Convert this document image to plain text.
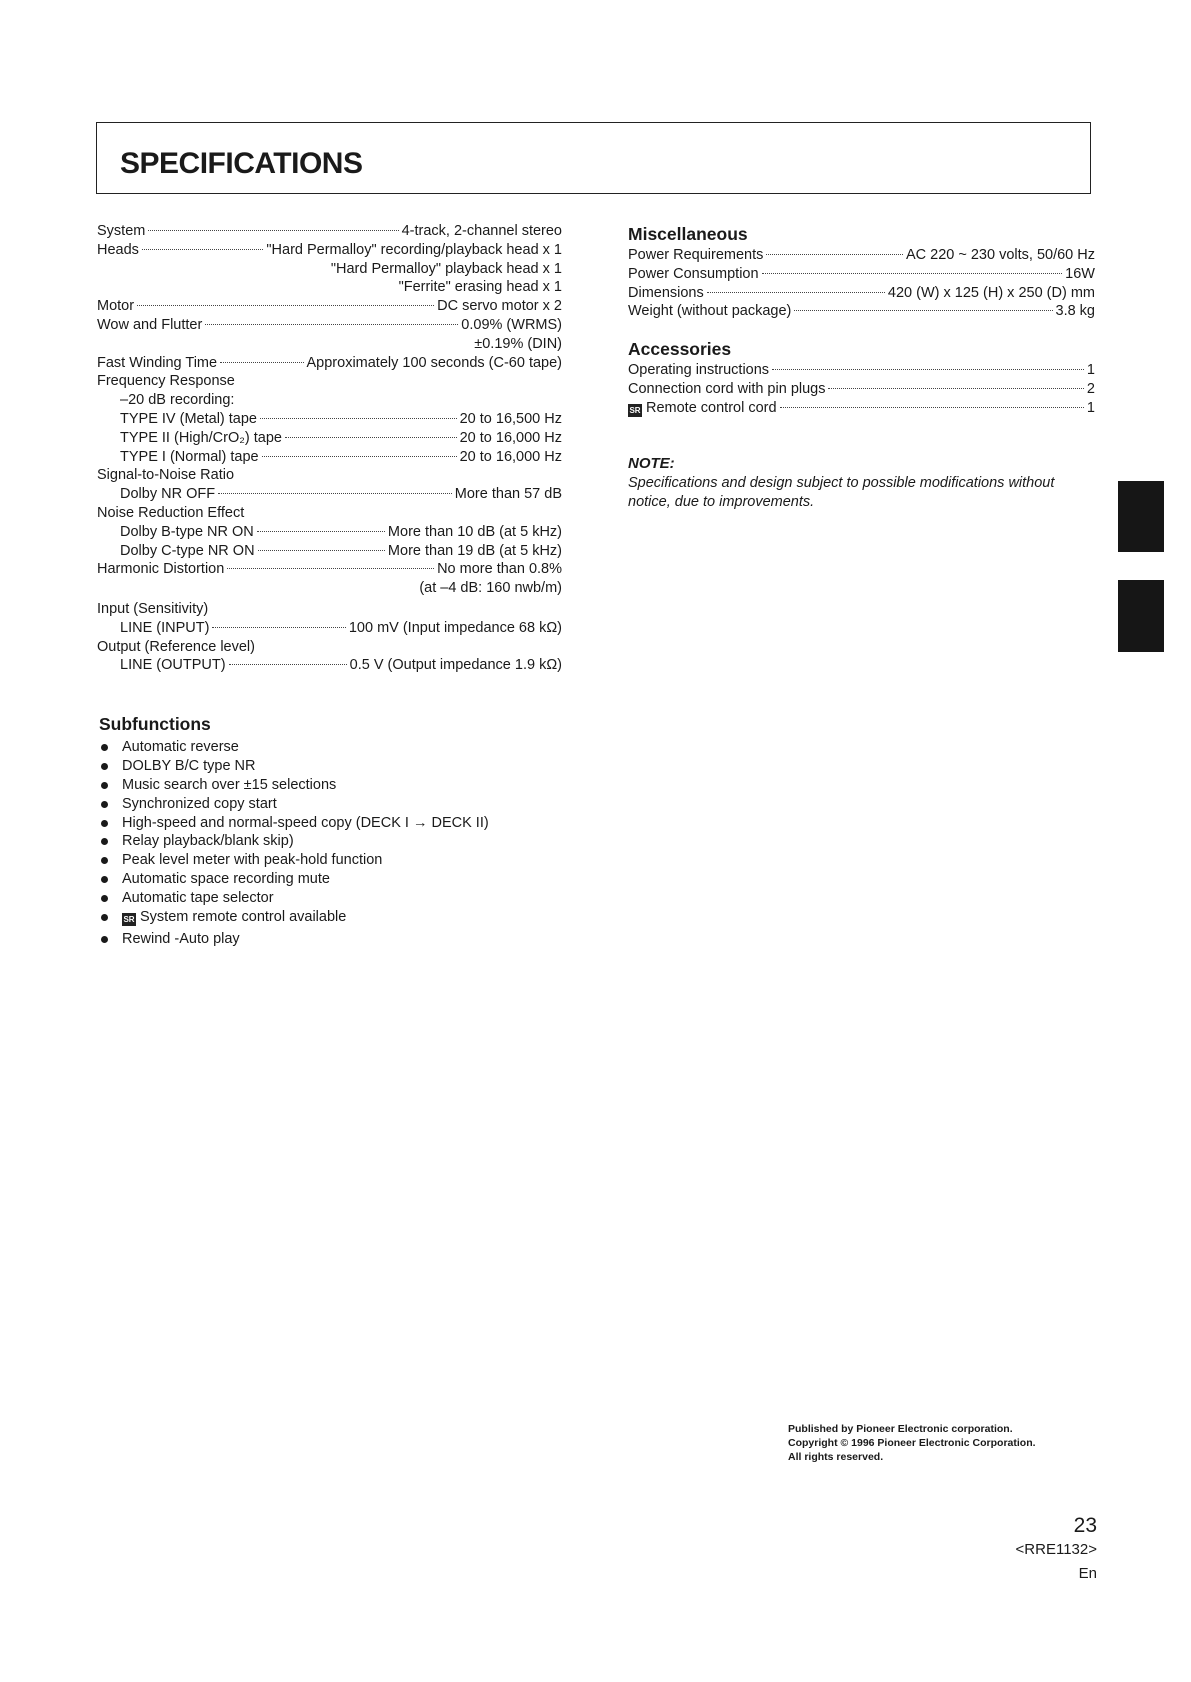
SPECIFICATIONS
System	4-track, 2-channel stereo
Heads	"Hard Permalloy" recording/playback head x 1
"Hard Permalloy" playback head x 1
"Ferrite" erasing head x 1
Motor	DC servo motor x 2
Wow and Flutter	0.09% (WRMS)
±0.19% (DIN)
Fast Winding Time	Approximately 100 seconds (C-60 tape)
Frequency Response
–20 dB recording:
TYPE IV (Metal) tape	20 to 16,500 Hz
TYPE II (High/CrO₂) tape	20 to 16,000 Hz
TYPE I (Normal) tape	20 to 16,000 Hz
Signal-to-Noise Ratio
Dolby NR OFF	More than 57 dB
Noise Reduction Effect
Dolby B-type NR ON	More than 10 dB (at 5 kHz)
Dolby C-type NR ON	More than 19 dB (at 5 kHz)
Harmonic Distortion	No more than 0.8%
(at –4 dB: 160 nwb/m)
Input (Sensitivity)
LINE (INPUT)	100 mV (Input impedance 68 kΩ)
Output (Reference level)
LINE (OUTPUT)	0.5 V (Output impedance 1.9 kΩ)
Subfunctions
Automatic reverse
DOLBY B/C type NR
Music search over ±15 selections
Synchronized copy start
High-speed and normal-speed copy (DECK I → DECK II)
Relay playback/blank skip)
Peak level meter with peak-hold function
Automatic space recording mute
Automatic tape selector
SR System remote control available
Rewind -Auto play
Miscellaneous
Power Requirements	AC 220 ~ 230 volts, 50/60 Hz
Power Consumption	16W
Dimensions	420 (W) x 125 (H) x 250 (D) mm
Weight (without package)	3.8 kg
Accessories
Operating instructions	1
Connection cord with pin plugs	2
SR Remote control cord	1
NOTE:
Specifications and design subject to possible modifications without notice, due to improvements.
Published by Pioneer Electronic corporation.
Copyright © 1996 Pioneer Electronic Corporation.
All rights reserved.
23
<RRE1132>
En
